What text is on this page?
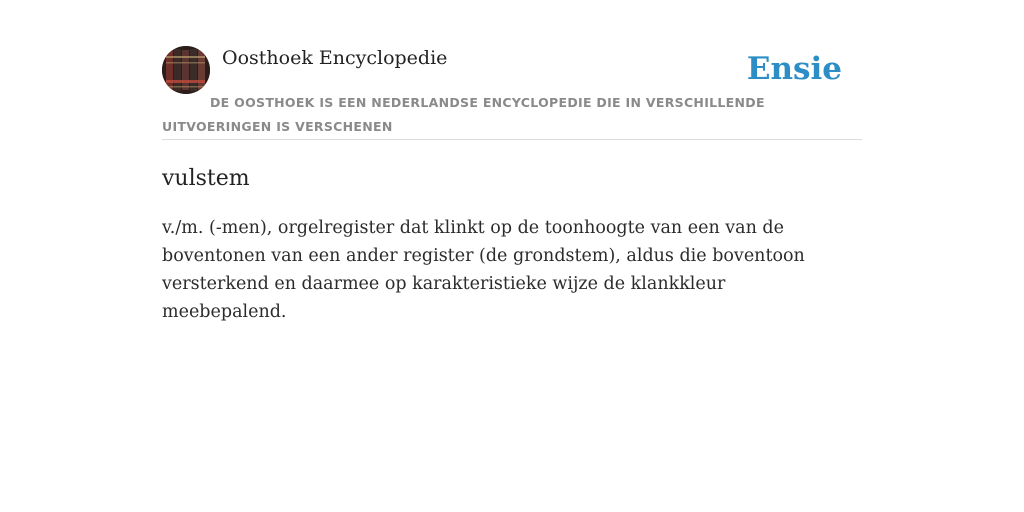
Oosthoek Encyclopedie	Ensie

DE OOSTHOEK IS EEN NEDERLANDSE ENCYCLOPEDIE DIE IN VERSCHILLENDE UITVOERINGEN IS VERSCHENEN

vulstem

v./m. (-men), orgelregister dat klinkt op de toonhoogte van een van de boventonen van een ander register (de grondstem), aldus die boventoon versterkend en daarmee op karakteristieke wijze de klankkleur meebepalend.
